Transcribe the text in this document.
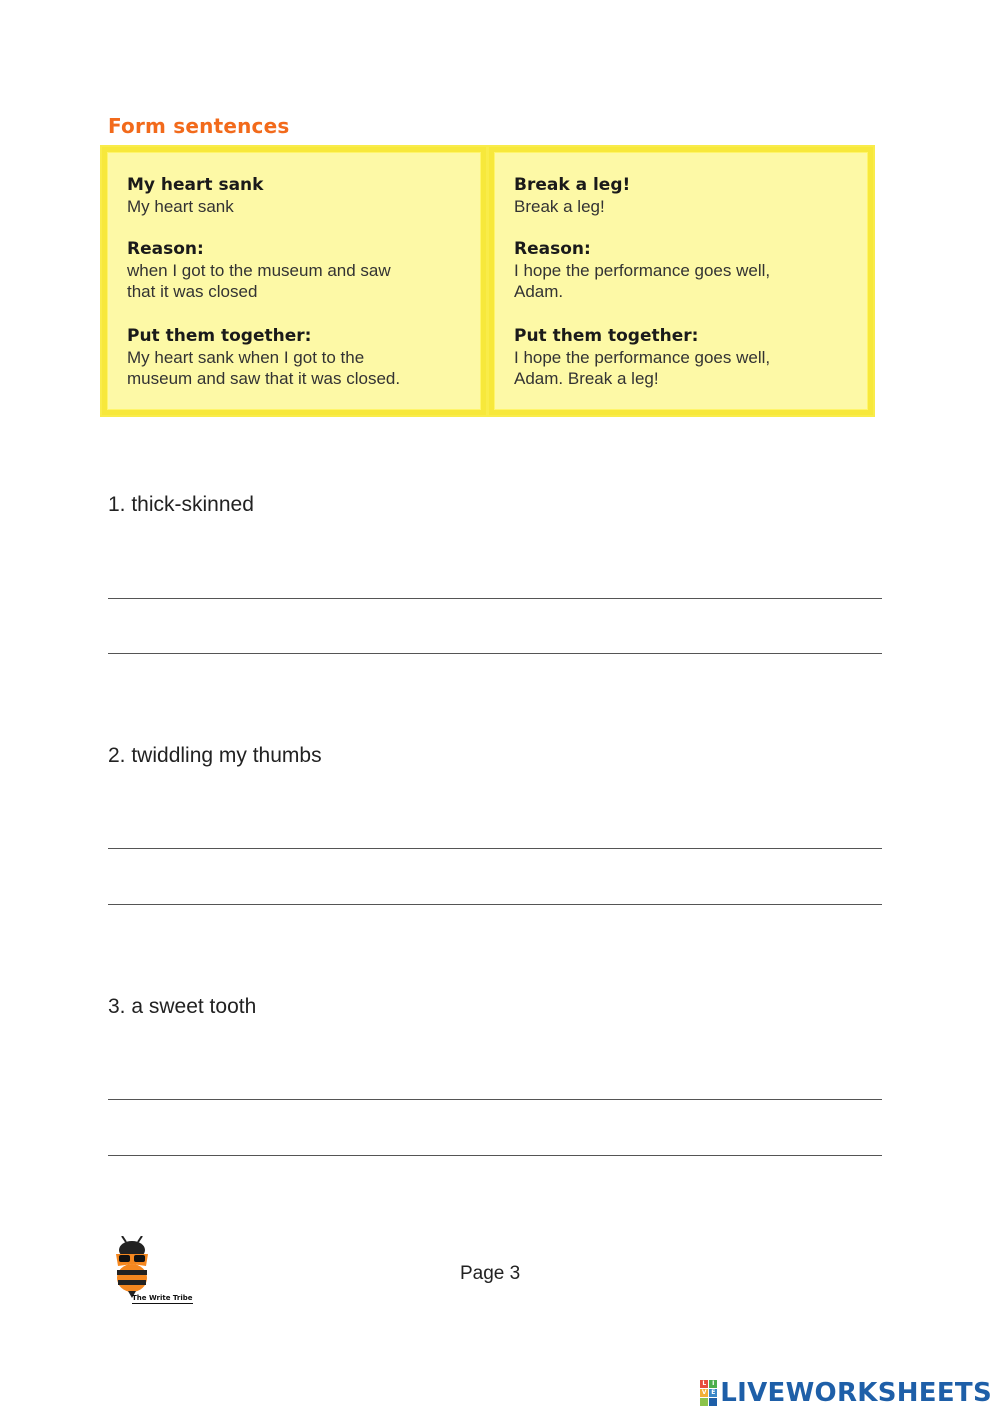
Form sentences
My heart sank

My heart sank

Reason:

when I got to the museum and saw

that it was closed

Put them together:

My heart sank when I got to the

museum and saw that it was closed.

Break a leg!

Break a leg!

Reason:

I hope the performance goes well,

Adam.

Put them together:

I hope the performance goes well,

Adam. Break a leg!

1. thick-skinned
2. twiddling my thumbs
3. a sweet tooth
The Write Tribe
Page 3
L I
V E LIVEWORKSHEETS
